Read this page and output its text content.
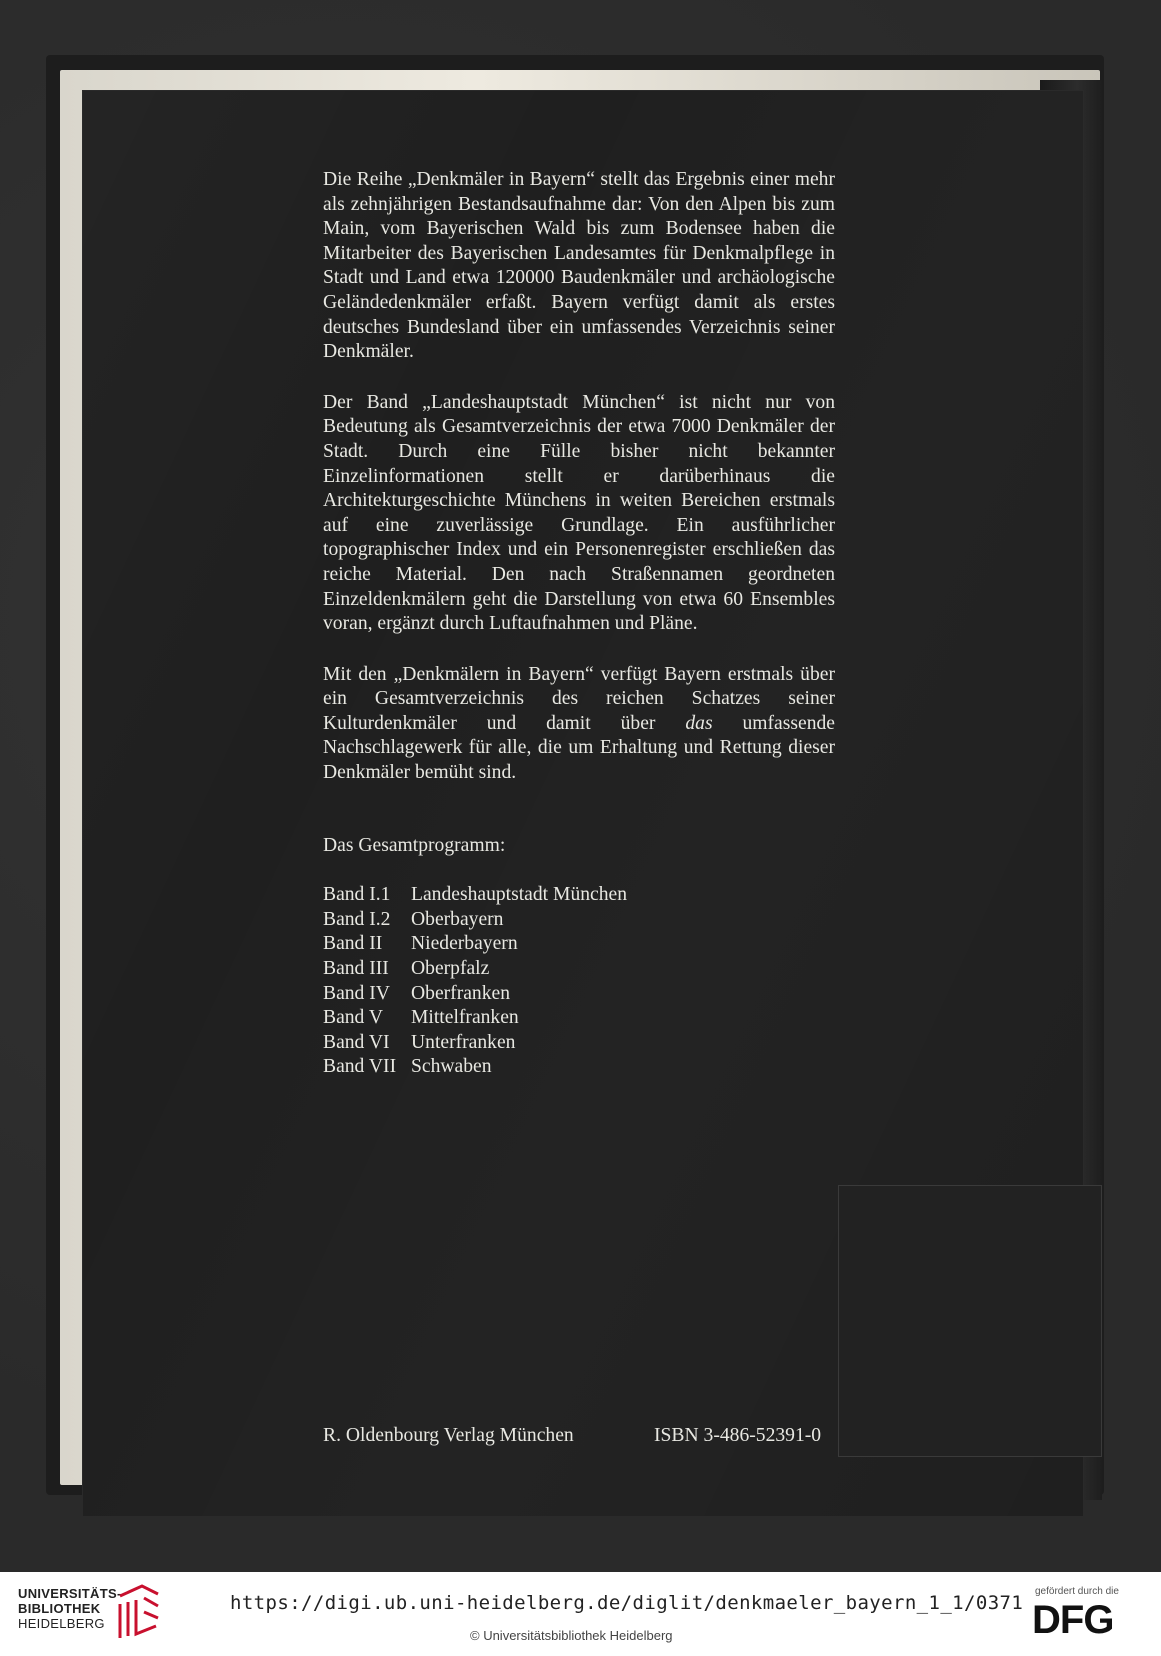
Die Reihe „Denkmäler in Bayern“ stellt das Ergebnis einer mehr als zehnjährigen Bestandsaufnahme dar: Von den Alpen bis zum Main, vom Bayerischen Wald bis zum Bodensee haben die Mitarbeiter des Bayerischen Landesamtes für Denkmalpflege in Stadt und Land etwa 120000 Baudenkmäler und archäologische Geländedenkmäler erfaßt. Bayern verfügt damit als erstes deutsches Bundesland über ein umfassendes Verzeichnis seiner Denkmäler.

Der Band „Landeshauptstadt München“ ist nicht nur von Bedeutung als Gesamtverzeichnis der etwa 7000 Denkmäler der Stadt. Durch eine Fülle bisher nicht bekannter Einzelinformationen stellt er darüberhinaus die Architekturgeschichte Münchens in weiten Bereichen erstmals auf eine zuverlässige Grundlage. Ein ausführlicher topographischer Index und ein Personenregister erschließen das reiche Material. Den nach Straßennamen geordneten Einzeldenkmälern geht die Darstellung von etwa 60 Ensembles voran, ergänzt durch Luftaufnahmen und Pläne.

Mit den „Denkmälern in Bayern“ verfügt Bayern erstmals über ein Gesamtverzeichnis des reichen Schatzes seiner Kulturdenkmäler und damit über das umfassende Nachschlagewerk für alle, die um Erhaltung und Rettung dieser Denkmäler bemüht sind.

Das Gesamtprogramm:
Band I.1	Landeshauptstadt München
Band I.2	Oberbayern
Band II	Niederbayern
Band III	Oberpfalz
Band IV	Oberfranken
Band V	Mittelfranken
Band VI	Unterfranken
Band VII Schwaben
R. Oldenbourg Verlag München	ISBN 3-486-52391-0
UNIVERSITÄTS-
BIBLIOTHEK
HEIDELBERG
https://digi.ub.uni-heidelberg.de/diglit/denkmaeler_bayern_1_1/0371
© Universitätsbibliothek Heidelberg
gefördert durch die
DFG
